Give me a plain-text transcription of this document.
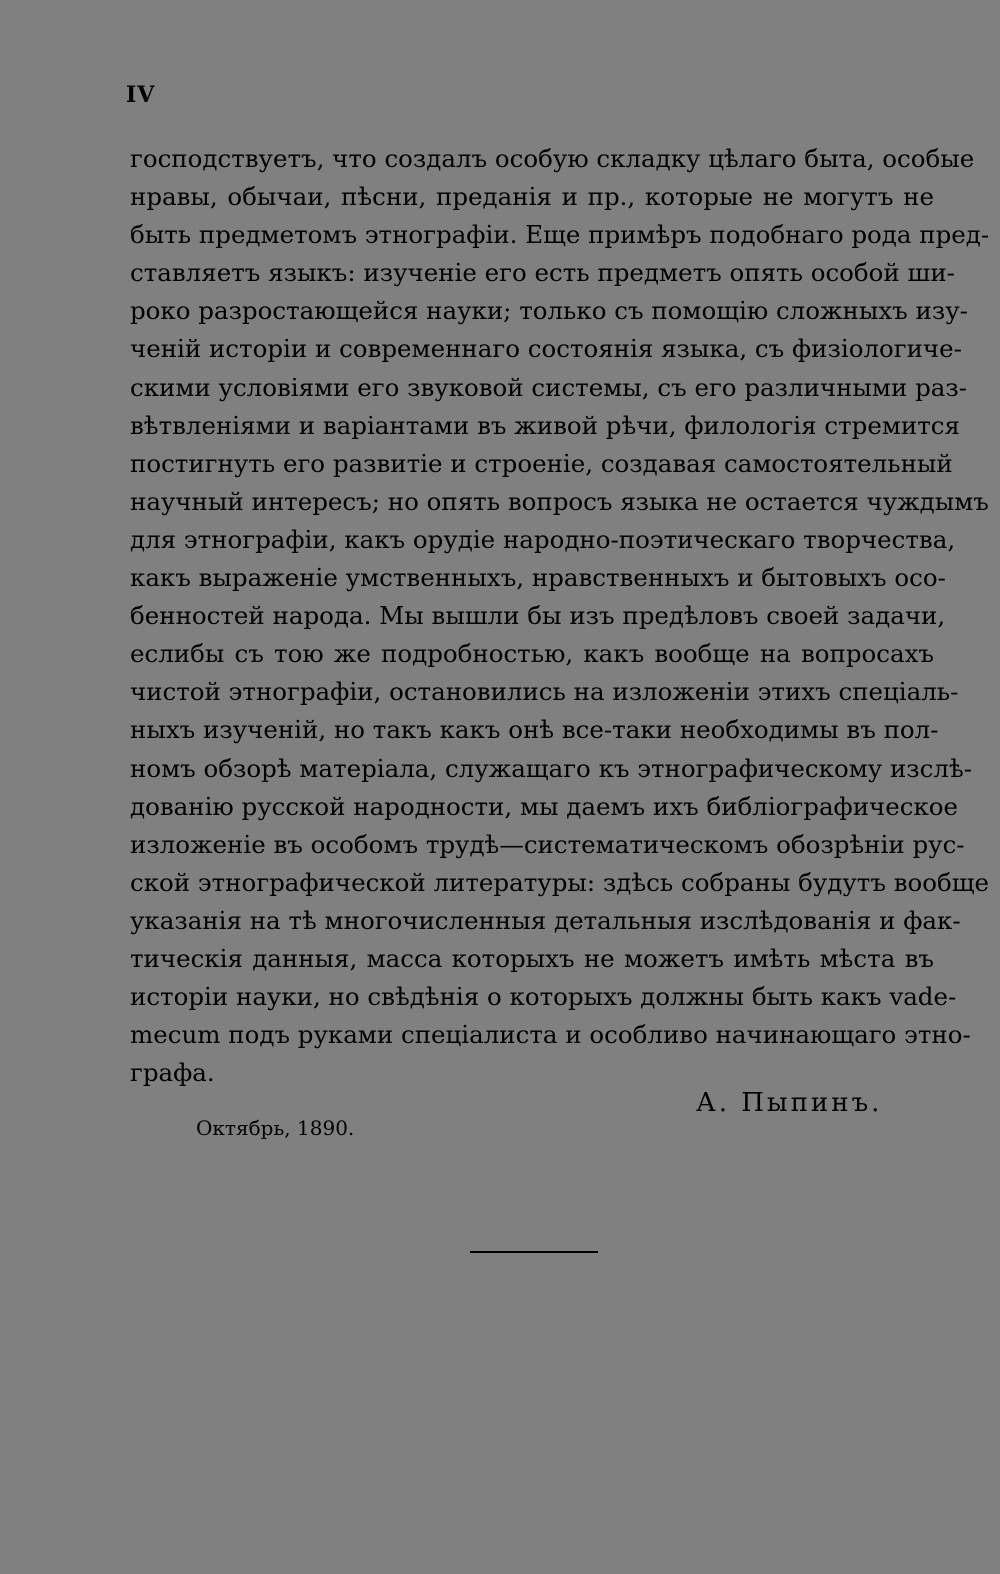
IV
господствуетъ, что создалъ особую складку цѣлаго быта, особые
нравы, обычаи, пѣсни, преданія и пр., которые не могутъ не
быть предметомъ этнографіи. Еще примѣръ подобнаго рода пред-
ставляетъ языкъ: изученіе его есть предметъ опять особой ши-
роко разростающейся науки; только съ помощію сложныхъ изу-
ченій исторіи и современнаго состоянія языка, съ физіологиче-
скими условіями его звуковой системы, съ его различными раз-
вѣтвленіями и варіантами въ живой рѣчи, филологія стремится
постигнуть его развитіе и строеніе, создавая самостоятельный
научный интересъ; но опять вопросъ языка не остается чуждымъ
для этнографіи, какъ орудіе народно-поэтическаго творчества,
какъ выраженіе умственныхъ, нравственныхъ и бытовыхъ осо-
бенностей народа. Мы вышли бы изъ предѣловъ своей задачи,
еслибы съ тою же подробностью, какъ вообще на вопросахъ
чистой этнографіи, остановились на изложеніи этихъ спеціаль-
ныхъ изученій, но такъ какъ онѣ все-таки необходимы въ пол-
номъ обзорѣ матеріала, служащаго къ этнографическому изслѣ-
дованію русской народности, мы даемъ ихъ библіографическое
изложеніе въ особомъ трудѣ—систематическомъ обозрѣніи рус-
ской этнографической литературы: здѣсь собраны будутъ вообще
указанія на тѣ многочисленныя детальныя изслѣдованія и фак-
тическія данныя, масса которыхъ не можетъ имѣть мѣста въ
исторіи науки, но свѣдѣнія о которыхъ должны быть какъ vade-
mecum подъ руками спеціалиста и особливо начинающаго этно-
графа.
А. Пыпинъ.
Октябрь, 1890.
